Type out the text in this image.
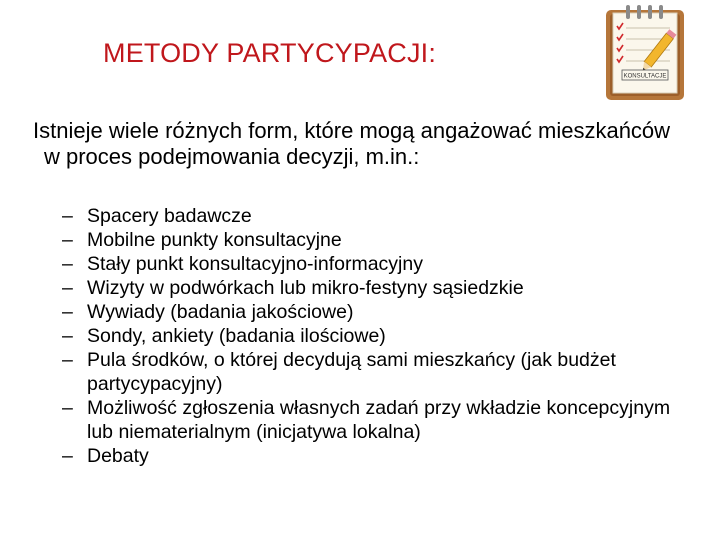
METODY PARTYCYPACJI:
KONSULTACJE

Istnieje wiele różnych form, które mogą angażować mieszkańców w proces podejmowania decyzji, m.in.:

– Spacery badawcze
– Mobilne punkty konsultacyjne
– Stały punkt konsultacyjno-informacyjny
– Wizyty w podwórkach lub mikro-festyny sąsiedzkie
– Wywiady (badania jakościowe)
– Sondy, ankiety (badania ilościowe)
– Pula środków, o której decydują sami mieszkańcy (jak budżet partycypacyjny)
– Możliwość zgłoszenia własnych zadań przy wkładzie koncepcyjnym lub niematerialnym (inicjatywa lokalna)
– Debaty
